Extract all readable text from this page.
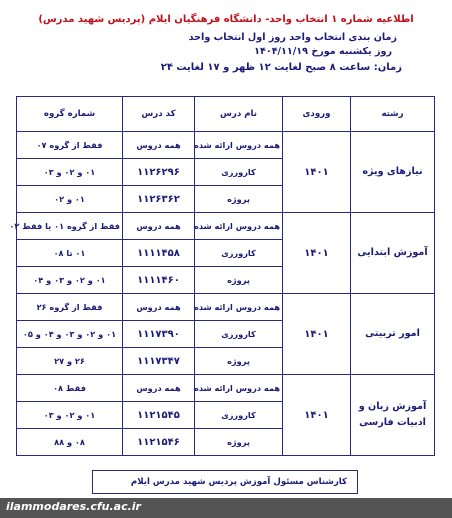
اطلاعیه شماره ۱ انتخاب واحد- دانشگاه فرهنگیان ایلام (پردیس شهید مدرس)
زمان بندی انتخاب واحد روز اول انتخاب واحد
روز یکشنبه مورخ ۱۴۰۴/۱۱/۱۹
زمان: ساعت ۸ صبح لغایت ۱۲ ظهر و ۱۷ لغایت ۲۴
رشته	ورودی	نام درس	کد درس	شماره گروه
نیازهای ویژه	۱۴۰۱	همه دروس ارائه شده	همه دروس	فقط از گروه ۰۷
		کارورزی	۱۱۲۶۲۹۶	۰۱ و ۰۲ و ۰۳
		پروژه	۱۱۲۶۳۶۲	۰۱ و ۰۲
آموزش ابتدایی	۱۴۰۱	همه دروس ارائه شده	همه دروس	فقط از گروه ۰۱ یا فقط ۰۲
		کارورزی	۱۱۱۱۴۵۸	۰۱ تا ۰۸
		پروژه	۱۱۱۱۴۶۰	۰۱ و ۰۲ و ۰۳ و ۰۴
امور تربیتی	۱۴۰۱	همه دروس ارائه شده	همه دروس	فقط از گروه ۲۶
		کارورزی	۱۱۱۷۳۹۰	۰۱ و ۰۲ و ۰۳ و ۰۴ و ۰۵
		پروژه	۱۱۱۷۳۴۷	۲۶ و ۲۷
آموزش زبان و ادبیات فارسی	۱۴۰۱	همه دروس ارائه شده	همه دروس	فقط ۰۸
		کارورزی	۱۱۲۱۵۴۵	۰۱ و ۰۲ و ۰۳
		پروژه	۱۱۲۱۵۴۶	۰۸ و ۸۸
کارشناس مسئول آموزش پردیس شهید مدرس ایلام
ilammodares.cfu.ac.ir
